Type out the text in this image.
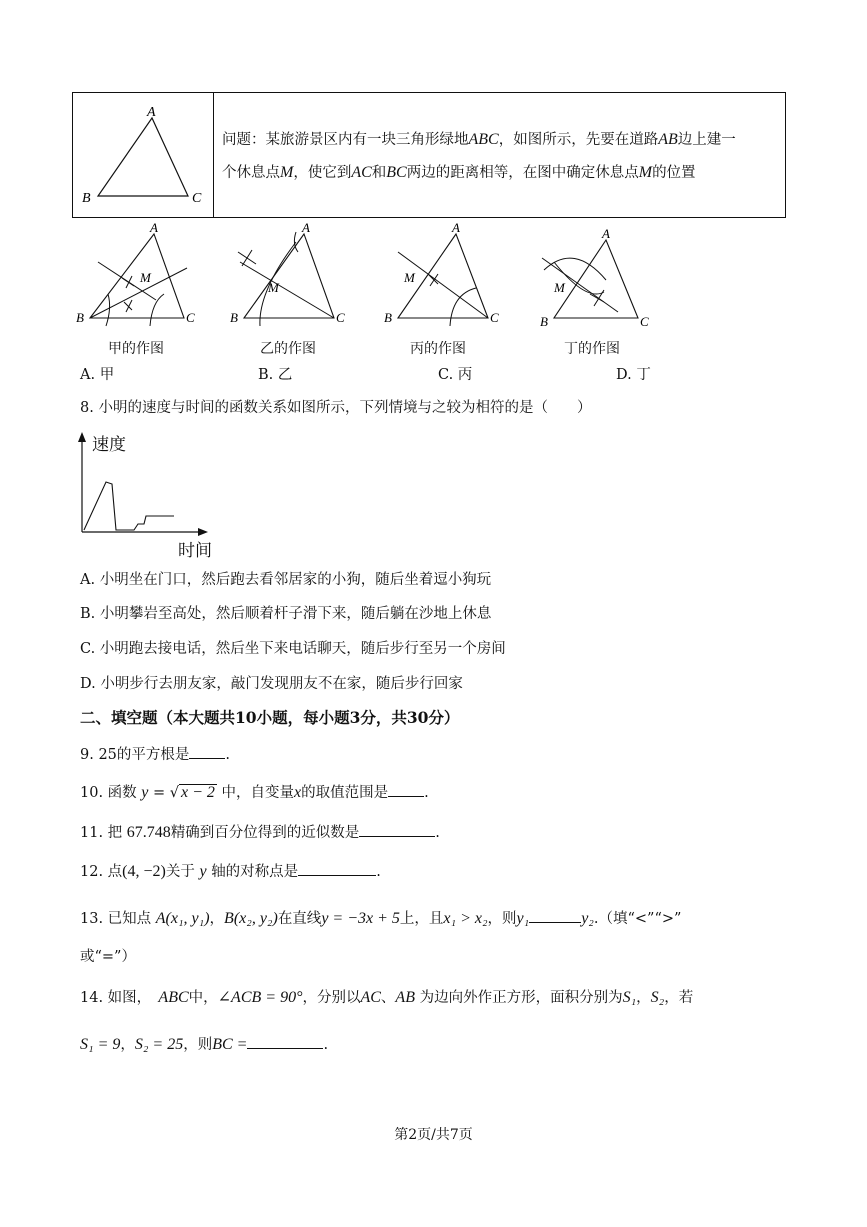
A
B	C
问题：某旅游景区内有一块三角形绿地ABC，如图所示，先要在道路AB边上建一
个休息点M，使它到AC和BC两边的距离相等，在图中确定休息点M的位置
A
M
B	C
A
M
B	C
A
M
B	C
A
M
B	C
甲的作图	乙的作图	丙的作图	丁的作图
A. 甲	B. 乙	C. 丙	D. 丁
8. 小明的速度与时间的函数关系如图所示，下列情境与之较为相符的是（　　）
速度
时间
A. 小明坐在门口，然后跑去看邻居家的小狗，随后坐着逗小狗玩
B. 小明攀岩至高处，然后顺着杆子滑下来，随后躺在沙地上休息
C. 小明跑去接电话，然后坐下来电话聊天，随后步行至另一个房间
D. 小明步行去朋友家，敲门发现朋友不在家，随后步行回家
二、填空题（本大题共10小题，每小题3分，共30分）
9. 25的平方根是 .
10. 函数 y = √ x − 2 中，自变量x的取值范围是 .
11. 把 67.748精确到百分位得到的近似数是	.
12. 点(4, −2)关于 y 轴的对称点是	.
13. 已知点 A(x₁, y₁)，B(x₂, y₂)在直线y = −3x + 5上，且x₁ > x₂，则y₁	y₂.（填“<”“>”
或“=”）
14. 如图，　 ABC中，∠ACB = 90°，分别以AC、AB 为边向外作正方形，面积分别为S₁，S₂，若
S₁ = 9，S₂ = 25，则BC =	.
第2页/共7页
